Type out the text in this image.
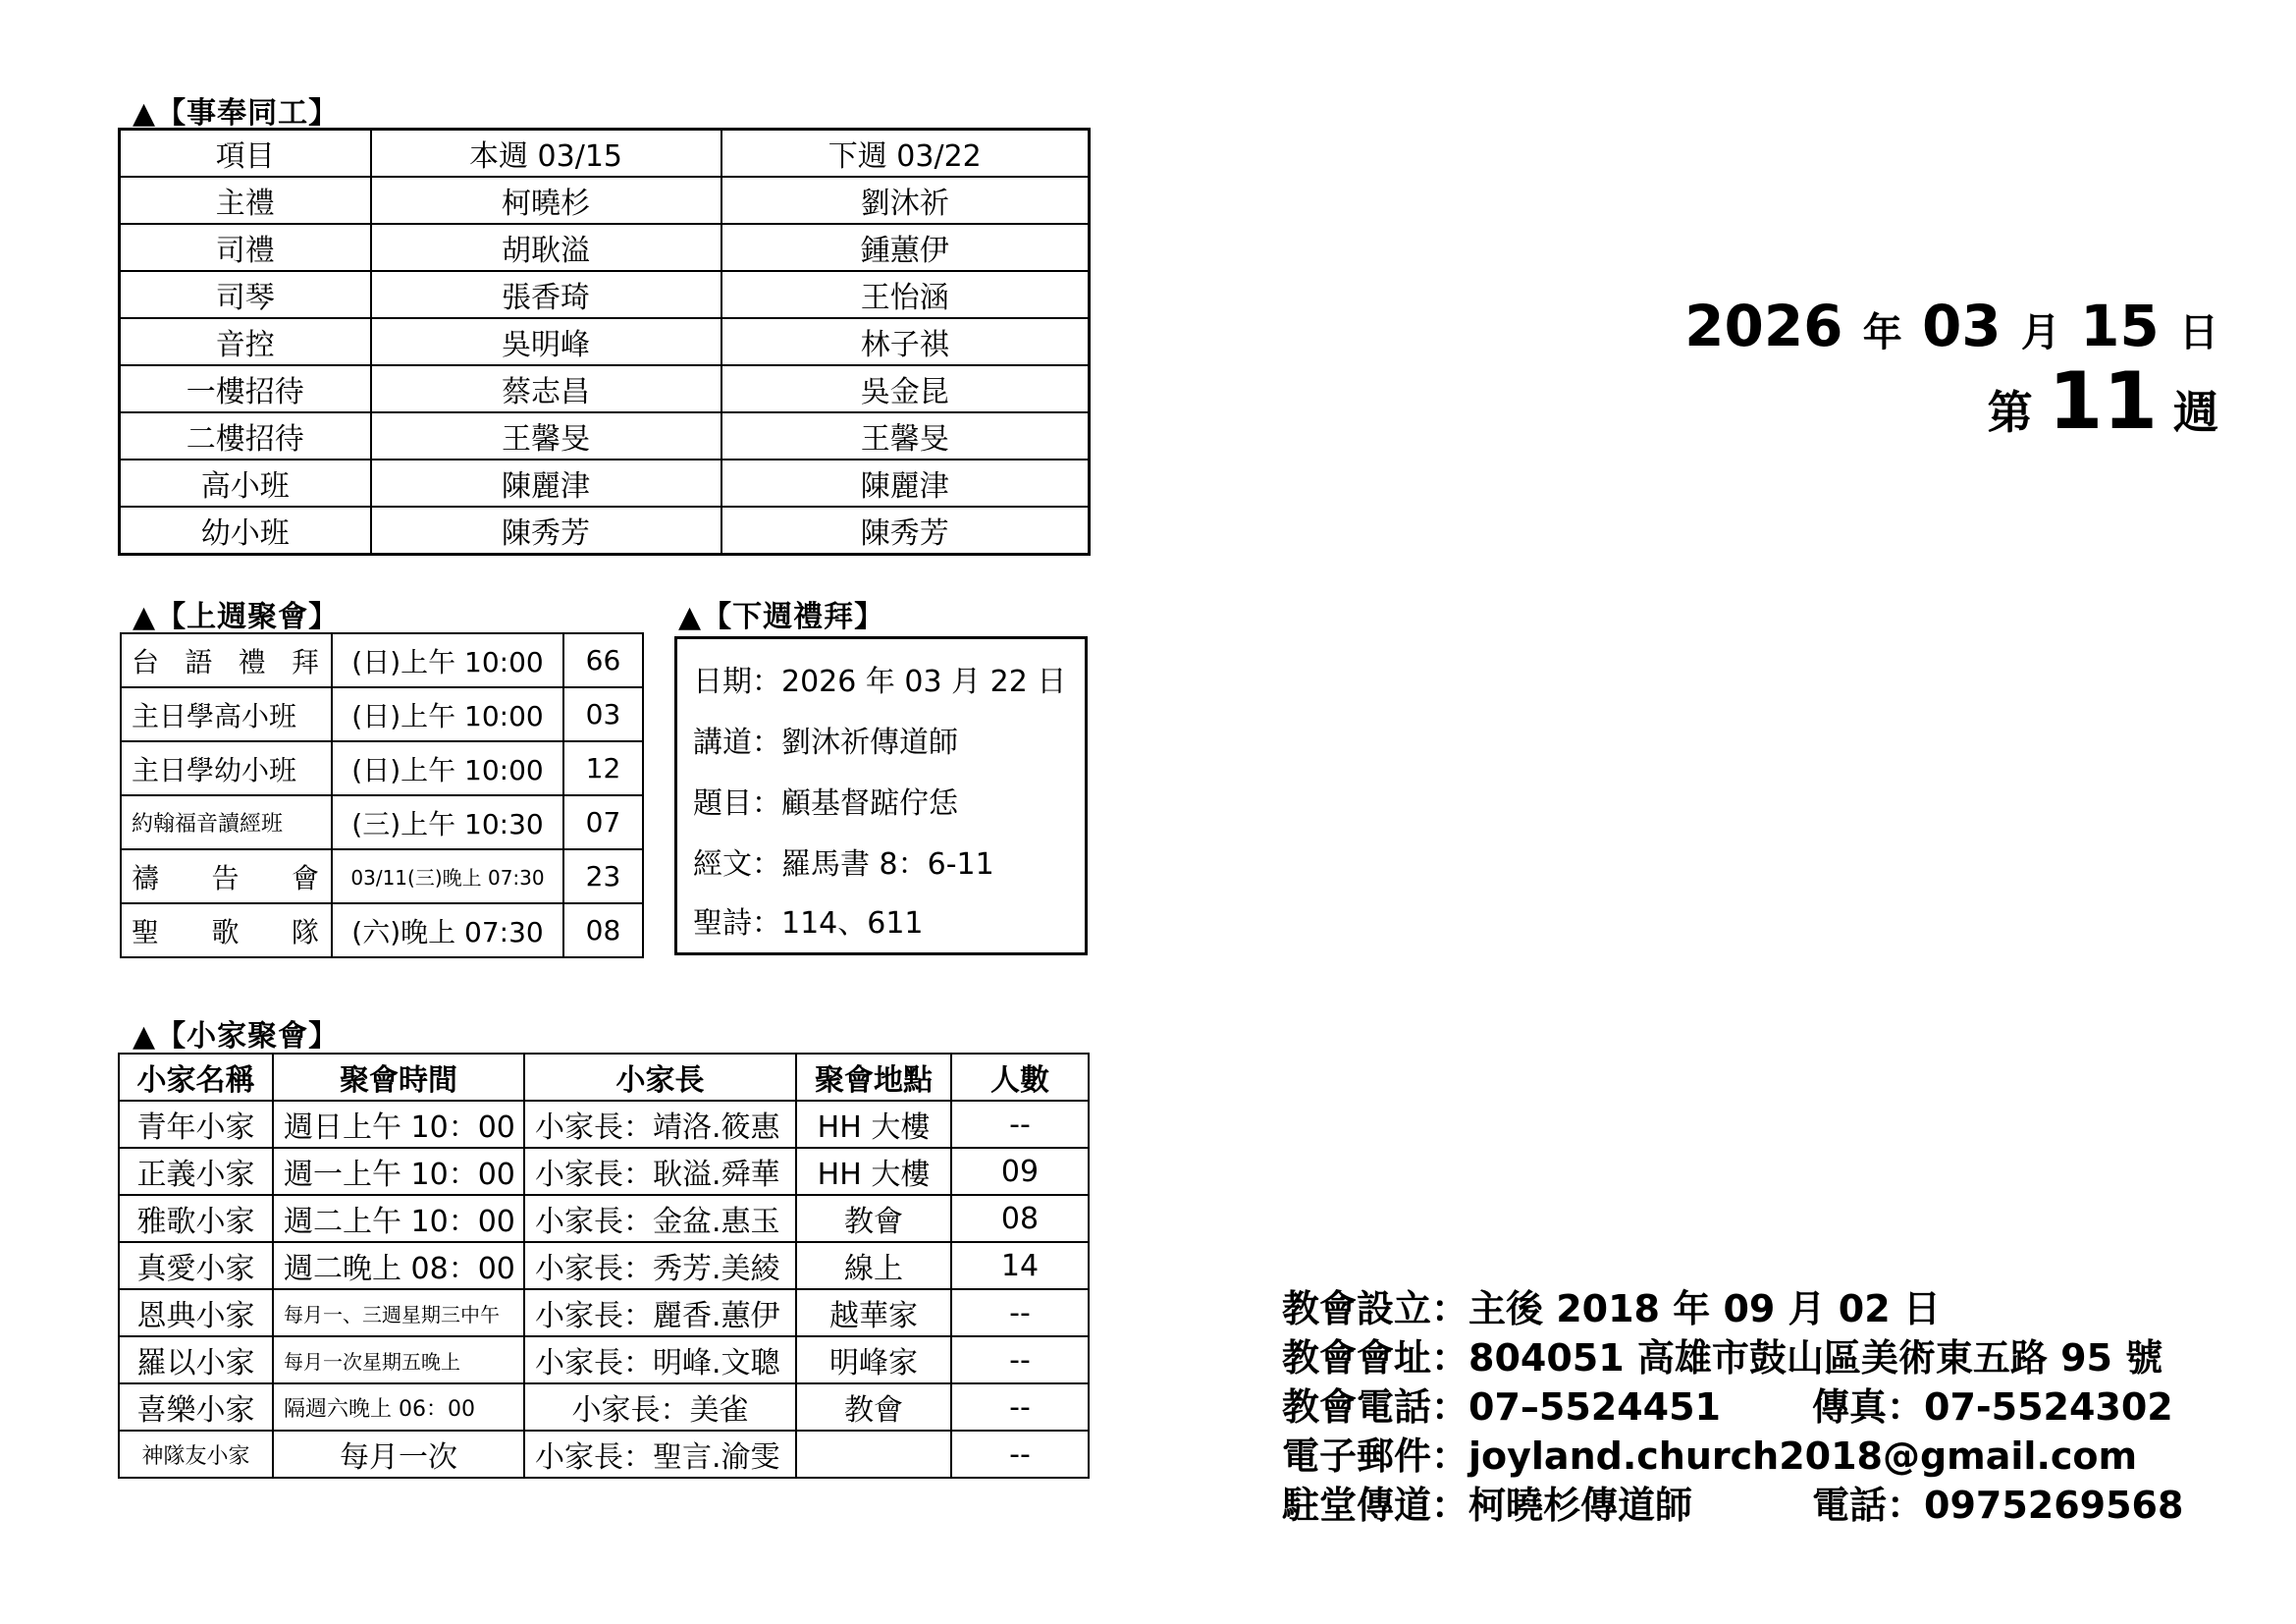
▲【事奉同工】
項目	本週 03/15	下週 03/22
主禮	柯曉杉	劉沐祈
司禮	胡耿溢	鍾蕙伊
司琴	張香琦	王怡涵
音控	吳明峰	林子祺
一樓招待	蔡志昌	吳金昆
二樓招待	王馨旻	王馨旻
高小班	陳麗津	陳麗津
幼小班	陳秀芳	陳秀芳
▲【上週聚會】
台 語 禮 拜	(日)上午 10:00	66
主日學高小班	(日)上午 10:00	03
主日學幼小班	(日)上午 10:00	12
約翰福音讀經班	(三)上午 10:30	07

禱 告 會	03/11(三)晚上 07:30	23

聖 歌 隊	(六)晚上 07:30	08
▲【下週禮拜】
日期：2026 年 03 月 22 日
講道：劉沐祈傳道師
題目：顧基督踮佇恁
經文：羅馬書 8：6-11
聖詩：114、611
▲【小家聚會】
小家名稱	聚會時間	小家長	聚會地點	人數
青年小家	週日上午 10：00	小家長：靖洛.筱惠	HH 大樓	--
正義小家	週一上午 10：00	小家長：耿溢.舜華	HH 大樓	09
雅歌小家	週二上午 10：00	小家長：金盆.惠玉	教會	08
真愛小家	週二晚上 08：00	小家長：秀芳.美綾	線上	14
恩典小家	每月一、三週星期三中午	小家長：麗香.蕙伊	越華家	--
羅以小家	每月一次星期五晚上	小家長：明峰.文聰	明峰家	--
喜樂小家	隔週六晚上 06：00	小家長：美雀	教會	--
神隊友小家	每月一次	小家長：聖言.渝雯		--
2026 年 03 月 15 日
第 11 週
教會設立：主後 2018 年 09 月 02 日
教會會址：804051 高雄市鼓山區美術東五路 95 號
教會電話：07–5524451 傳真：07-5524302
電子郵件：joyland.church2018@gmail.com
駐堂傳道：柯曉杉傳道師	電話：0975269568
